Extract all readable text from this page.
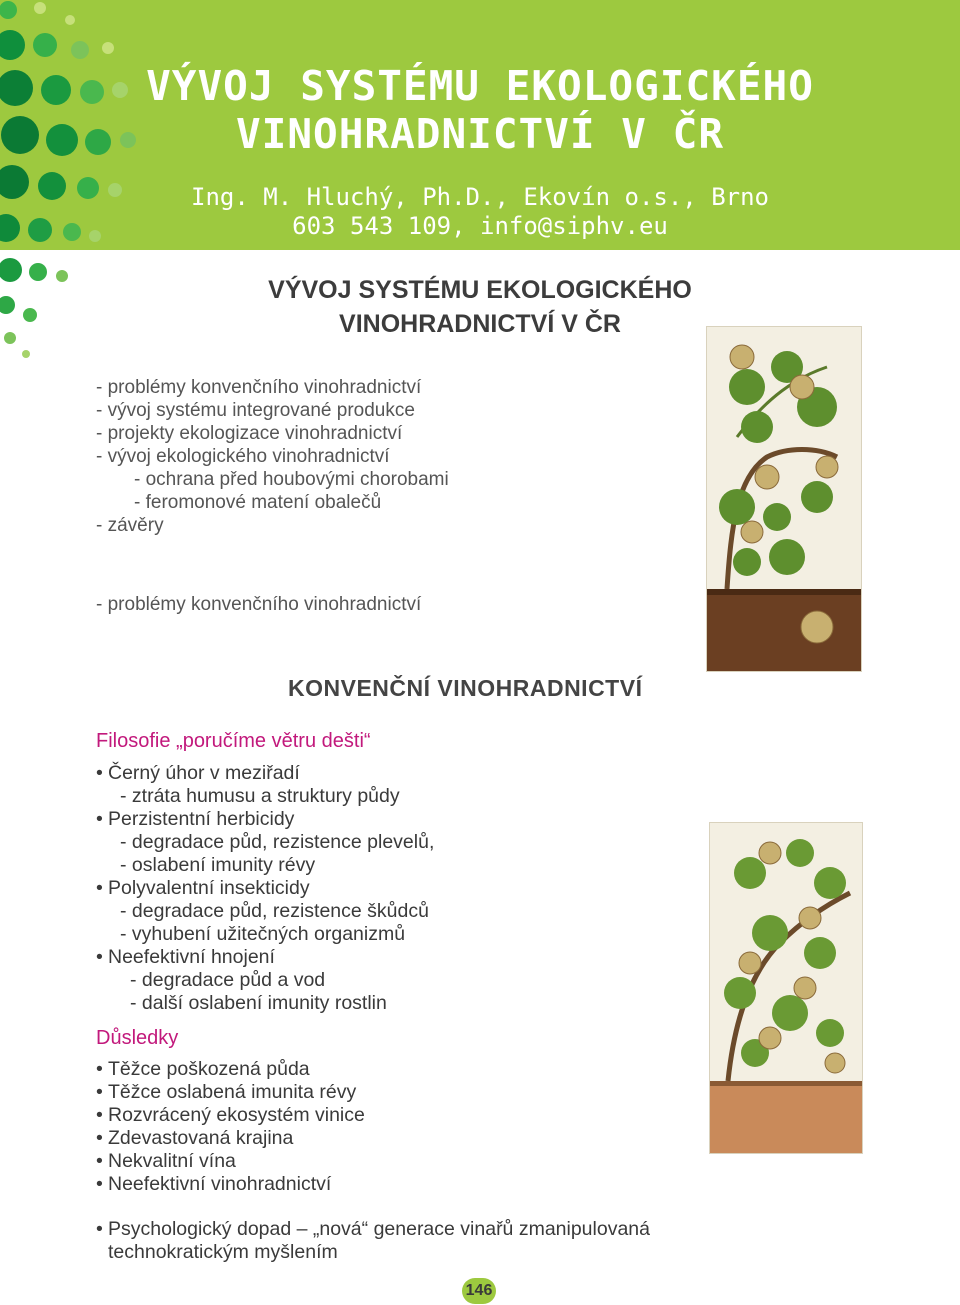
VÝVOJ SYSTÉMU EKOLOGICKÉHO
VINOHRADNICTVÍ V ČR
Ing. M. Hluchý, Ph.D., Ekovín o.s., Brno
603 543 109, info@siphv.eu
VÝVOJ SYSTÉMU EKOLOGICKÉHO
VINOHRADNICTVÍ V ČR
- problémy konvenčního vinohradnictví
- vývoj systému integrované produkce
- projekty ekologizace vinohradnictví
- vývoj ekologického vinohradnictví
- ochrana před houbovými chorobami
- feromonové matení obalečů
- závěry
- problémy konvenčního vinohradnictví
KONVENČNÍ VINOHRADNICTVÍ
Filosofie „poručíme větru dešti“
• Černý úhor v meziřadí
- ztráta humusu a struktury půdy
• Perzistentní herbicidy
- degradace půd, rezistence plevelů,
- oslabení imunity révy
• Polyvalentní insekticidy
- degradace půd, rezistence škůdců
- vyhubení užitečných organizmů
• Neefektivní hnojení
- degradace půd a vod
- další oslabení imunity rostlin
Důsledky
• Těžce poškozená půda
• Těžce oslabená imunita révy
• Rozvrácený ekosystém vinice
• Zdevastovaná krajina
• Nekvalitní vína
• Neefektivní vinohradnictví
• Psychologický dopad – „nová“ generace vinařů zmanipulovaná
technokratickým myšlením
146
